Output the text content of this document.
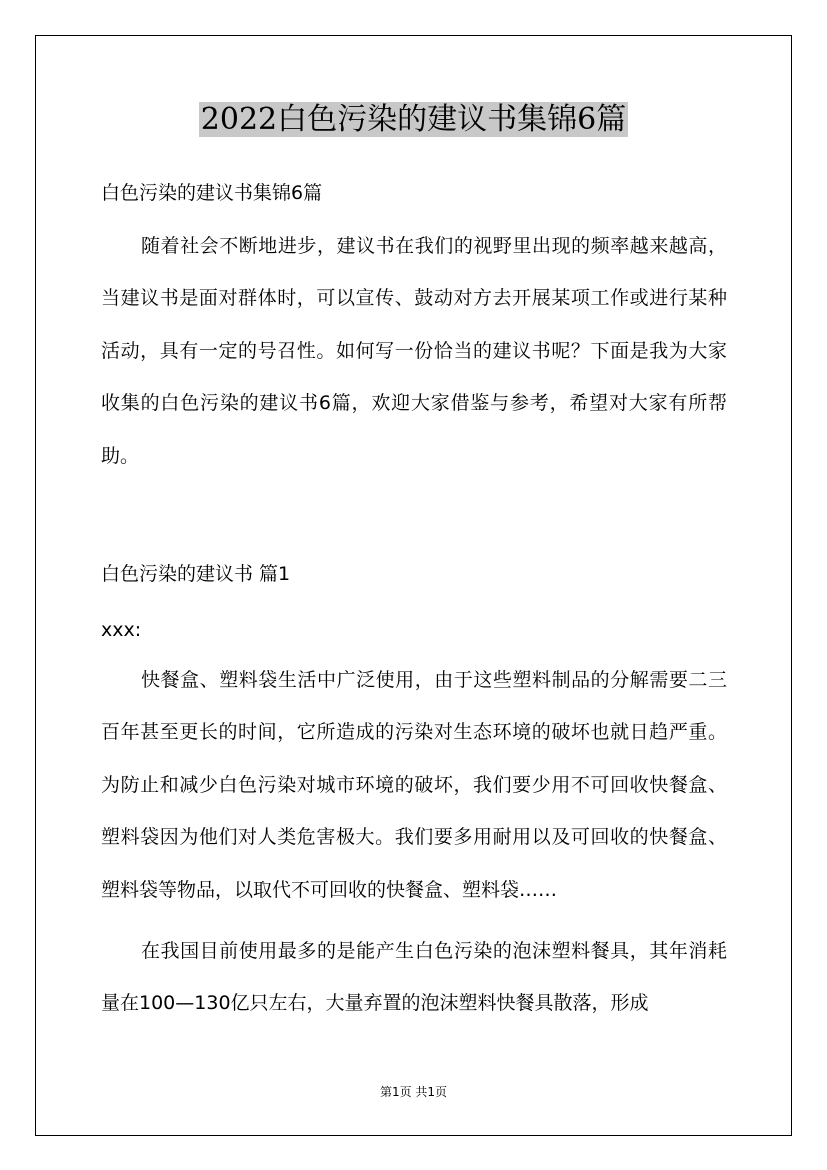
2022白色污染的建议书集锦6篇
白色污染的建议书集锦6篇
随着社会不断地进步，建议书在我们的视野里出现的频率越来越高，当建议书是面对群体时，可以宣传、鼓动对方去开展某项工作或进行某种活动，具有一定的号召性。如何写一份恰当的建议书呢？下面是我为大家收集的白色污染的建议书6篇，欢迎大家借鉴与参考，希望对大家有所帮助。
白色污染的建议书 篇1
xxx:
快餐盒、塑料袋生活中广泛使用，由于这些塑料制品的分解需要二三百年甚至更长的时间，它所造成的污染对生态环境的破坏也就日趋严重。为防止和减少白色污染对城市环境的破坏，我们要少用不可回收快餐盒、塑料袋因为他们对人类危害极大。我们要多用耐用以及可回收的快餐盒、塑料袋等物品，以取代不可回收的快餐盒、塑料袋……
在我国目前使用最多的是能产生白色污染的泡沫塑料餐具，其年消耗量在100—130亿只左右，大量弃置的泡沫塑料快餐具散落，形成
第1页 共1页
